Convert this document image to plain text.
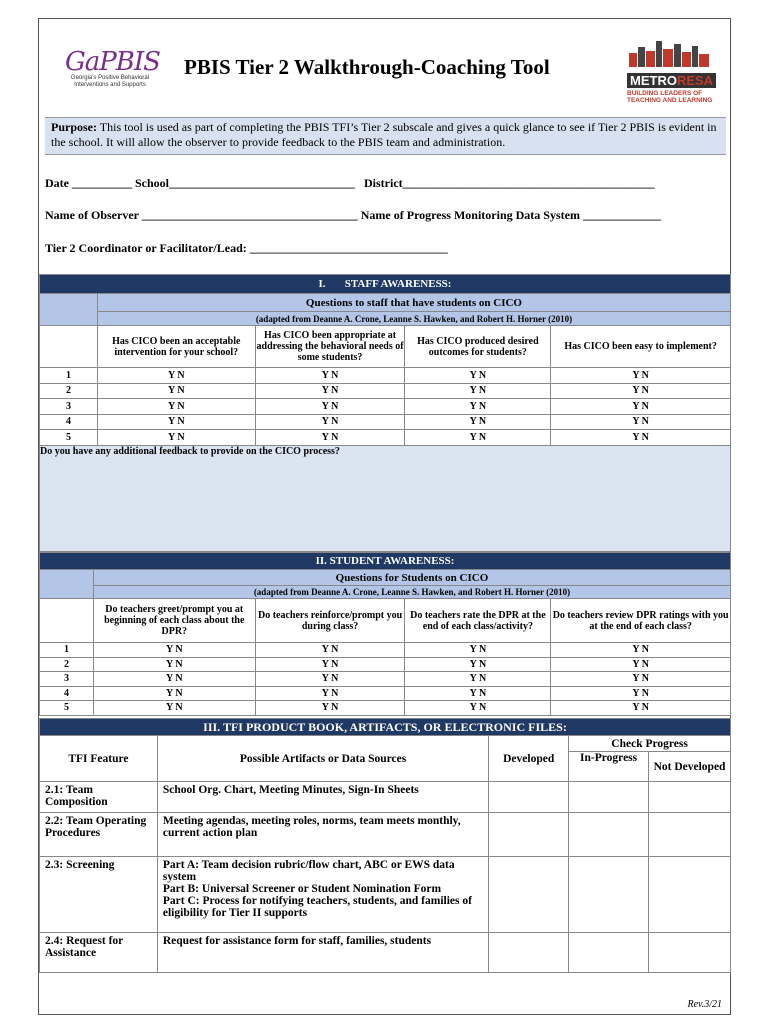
GaPBIS
Georgia's Positive Behavioral Interventions and Supports
PBIS Tier 2 Walkthrough-Coaching Tool
METRORESA
BUILDING LEADERS OF TEACHING AND LEARNING
Purpose: This tool is used as part of completing the PBIS TFI’s Tier 2 subscale and gives a quick glance to see if Tier 2 PBIS is evident in the school. It will allow the observer to provide feedback to the PBIS team and administration.
Date __________ School_______________________________   District__________________________________________
Name of Observer ____________________________________ Name of Progress Monitoring Data System _____________
Tier 2 Coordinator or Facilitator/Lead: _________________________________
I. STAFF AWARENESS:				
	Questions to staff that have students on CICO			
	(adapted from Deanne A. Crone, Leanne S. Hawken, and Robert H. Horner (2010)			
	Has CICO been an acceptable intervention for your school?	Has CICO been appropriate at addressing the behavioral needs of some students?	Has CICO produced desired outcomes for students?	Has CICO been easy to implement?
1	Y N	Y N	Y N	Y N
2	Y N	Y N	Y N	Y N
3	Y N	Y N	Y N	Y N
4	Y N	Y N	Y N	Y N
5	Y N	Y N	Y N	Y N
Do you have any additional feedback to provide on the CICO process?				
II. STUDENT AWARENESS:				
	Questions for Students on CICO			
	(adapted from Deanne A. Crone, Leanne S. Hawken, and Robert H. Horner (2010)			
	Do teachers greet/prompt you at beginning of each class about the DPR?	Do teachers reinforce/prompt you during class?	Do teachers rate the DPR at the end of each class/activity?	Do teachers review DPR ratings with you at the end of each class?
1	Y N	Y N	Y N	Y N
2	Y N	Y N	Y N	Y N
3	Y N	Y N	Y N	Y N
4	Y N	Y N	Y N	Y N
5	Y N	Y N	Y N	Y N
III. TFI PRODUCT BOOK, ARTIFACTS, OR ELECTRONIC FILES:				
TFI Feature	Possible Artifacts or Data Sources	Developed	Check Progress	
			In-Progress	Not Developed
2.1: Team Composition	School Org. Chart, Meeting Minutes, Sign-In Sheets			
2.2: Team Operating Procedures	Meeting agendas, meeting roles, norms, team meets monthly, current action plan			
2.3: Screening	Part A: Team decision rubric/flow chart, ABC or EWS data system
Part B: Universal Screener or Student Nomination Form
Part C: Process for notifying teachers, students, and families of eligibility for Tier II supports			
2.4: Request for Assistance	Request for assistance form for staff, families, students			
Rev.3/21
